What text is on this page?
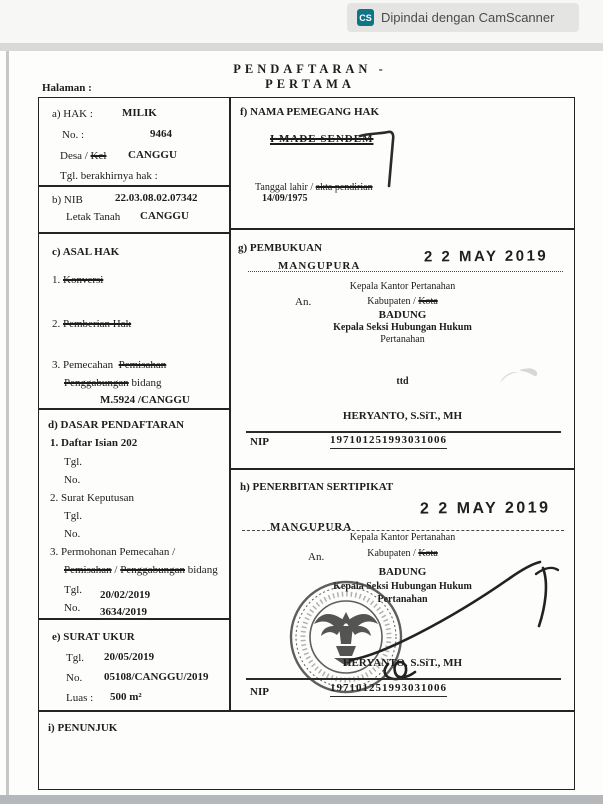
CS Dipindai dengan CamScanner
PENDAFTARAN - PERTAMA
Halaman :
a) HAK :	MILIK
No. :	9464
Desa / Kel CANGGU
Tgl. berakhirnya hak :
b) NIB	22.03.08.02.07342
Letak Tanah CANGGU
c) ASAL HAK
1. Konversi
2. Pemberian Hak
3. Pemecahan Pemisahan
Penggabungan bidang
M.5924 /CANGGU
d) DASAR PENDAFTARAN
1. Daftar Isian 202
Tgl.
No.
2. Surat Keputusan
Tgl.
No.
3. Permohonan Pemecahan /
Pemisahan / Penggabungan bidang
Tgl. 20/02/2019
No. 3634/2019
e) SURAT UKUR
Tgl. 20/05/2019
No. 05108/CANGGU/2019
Luas : 500 m²
f) NAMA PEMEGANG HAK
I MADE SENDEM
Tanggal lahir / akta pendirian
14/09/1975
g) PEMBUKUAN
MANGUPURA
2 2 MAY 2019
Kepala Kantor Pertanahan
An.	Kabupaten / Kota
BADUNG
Kepala Seksi Hubungan Hukum
Pertanahan
ttd	⌒﹅
HERYANTO, S.SiT., MH
NIP	197101251993031006
h) PENERBITAN SERTIPIKAT
2 2 MAY 2019
MANGUPURA
Kepala Kantor Pertanahan
An.	Kabupaten / Kota
BADUNG
Kepala Seksi Hubungan Hukum
Pertanahan
HERYANTO, S.SiT., MH
NIP	197101251993031006
i) PENUNJUK
